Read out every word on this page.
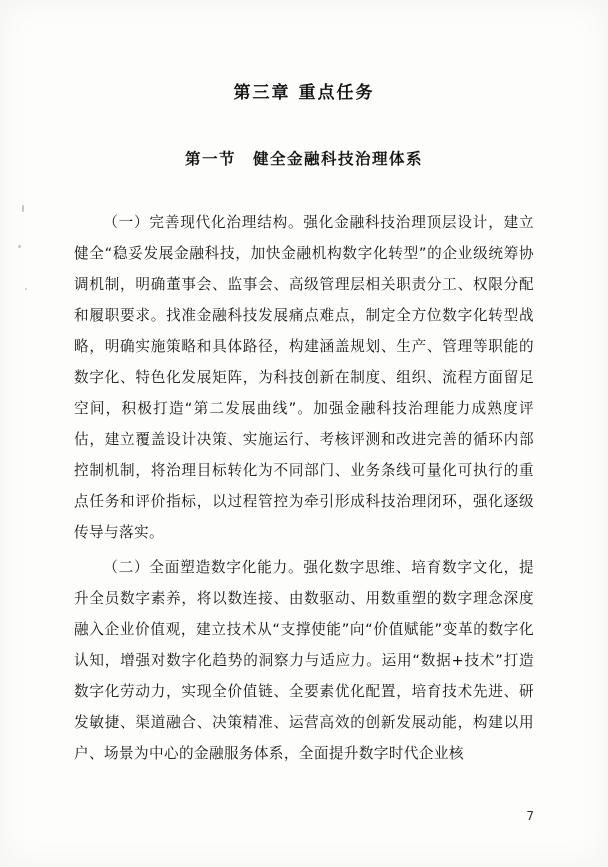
第三章 重点任务
第一节　健全金融科技治理体系

（一）完善现代化治理结构。强化金融科技治理顶层设计，建立健全“稳妥发展金融科技，加快金融机构数字化转型”的企业级统筹协调机制，明确董事会、监事会、高级管理层相关职责分工、权限分配和履职要求。找准金融科技发展痛点难点，制定全方位数字化转型战略，明确实施策略和具体路径，构建涵盖规划、生产、管理等职能的数字化、特色化发展矩阵，为科技创新在制度、组织、流程方面留足空间，积极打造“第二发展曲线”。加强金融科技治理能力成熟度评估，建立覆盖设计决策、实施运行、考核评测和改进完善的循环内部控制机制，将治理目标转化为不同部门、业务条线可量化可执行的重点任务和评价指标，以过程管控为牵引形成科技治理闭环，强化逐级传导与落实。

（二）全面塑造数字化能力。强化数字思维、培育数字文化，提升全员数字素养，将以数连接、由数驱动、用数重塑的数字理念深度融入企业价值观，建立技术从“支撑使能”向“价值赋能”变革的数字化认知，增强对数字化趋势的洞察力与适应力。运用“数据+技术”打造数字化劳动力，实现全价值链、全要素优化配置，培育技术先进、研发敏捷、渠道融合、决策精准、运营高效的创新发展动能，构建以用户、场景为中心的金融服务体系，全面提升数字时代企业核

7
